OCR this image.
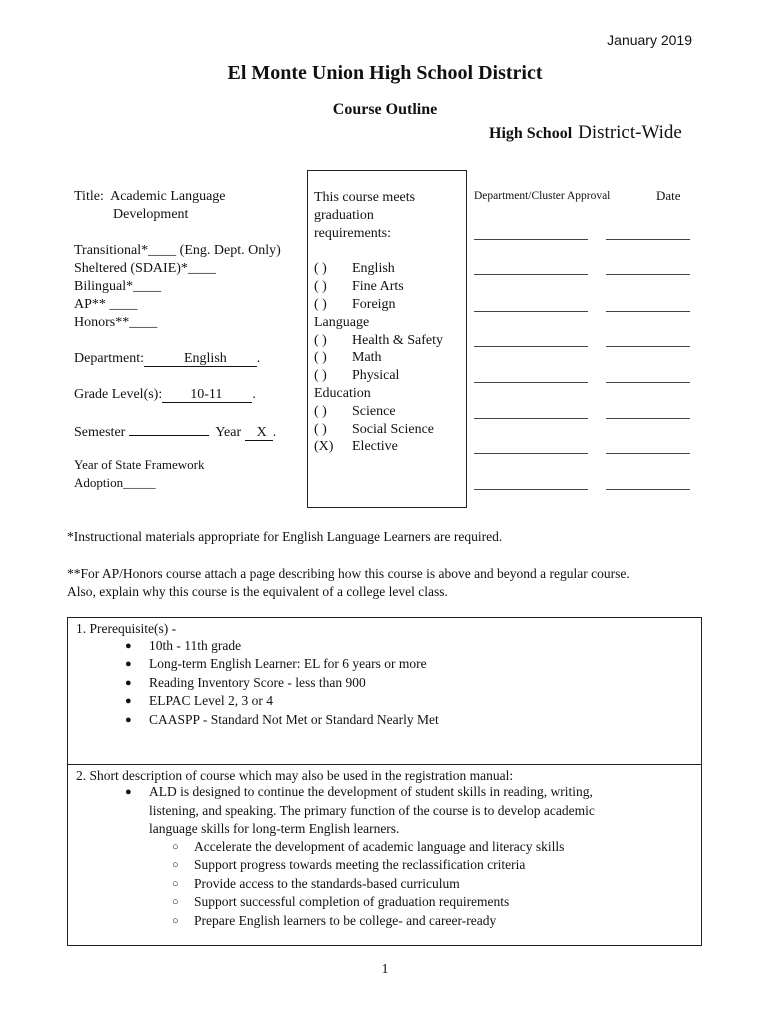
January 2019
El Monte Union High School District
Course Outline
High School District-Wide
Title: Academic Language
Development
Transitional*____ (Eng. Dept. Only)
Sheltered (SDAIE)*____
Bilingual*____
AP** ____
Honors**____
Department:	English .
Grade Level(s): 10-11 .
Semester	Year X .
Year of State Framework
Adoption_____
This course meets
graduation
requirements:
( ) English
( ) Fine Arts
( ) Foreign
Language
( ) Health & Safety
( ) Math
( ) Physical
Education
( ) Science
( ) Social Science
(X) Elective
Department/Cluster Approval	Date
*Instructional materials appropriate for English Language Learners are required.
**For AP/Honors course attach a page describing how this course is above and beyond a regular course.
Also, explain why this course is the equivalent of a college level class.
1. Prerequisite(s) -
● 10th - 11th grade
● Long-term English Learner: EL for 6 years or more
● Reading Inventory Score - less than 900
● ELPAC Level 2, 3 or 4
● CAASPP - Standard Not Met or Standard Nearly Met
2. Short description of course which may also be used in the registration manual:
● ALD is designed to continue the development of student skills in reading, writing,
listening, and speaking. The primary function of the course is to develop academic
language skills for long-term English learners.
○ Accelerate the development of academic language and literacy skills
○ Support progress towards meeting the reclassification criteria
○ Provide access to the standards-based curriculum
○ Support successful completion of graduation requirements
○ Prepare English learners to be college- and career-ready
1
